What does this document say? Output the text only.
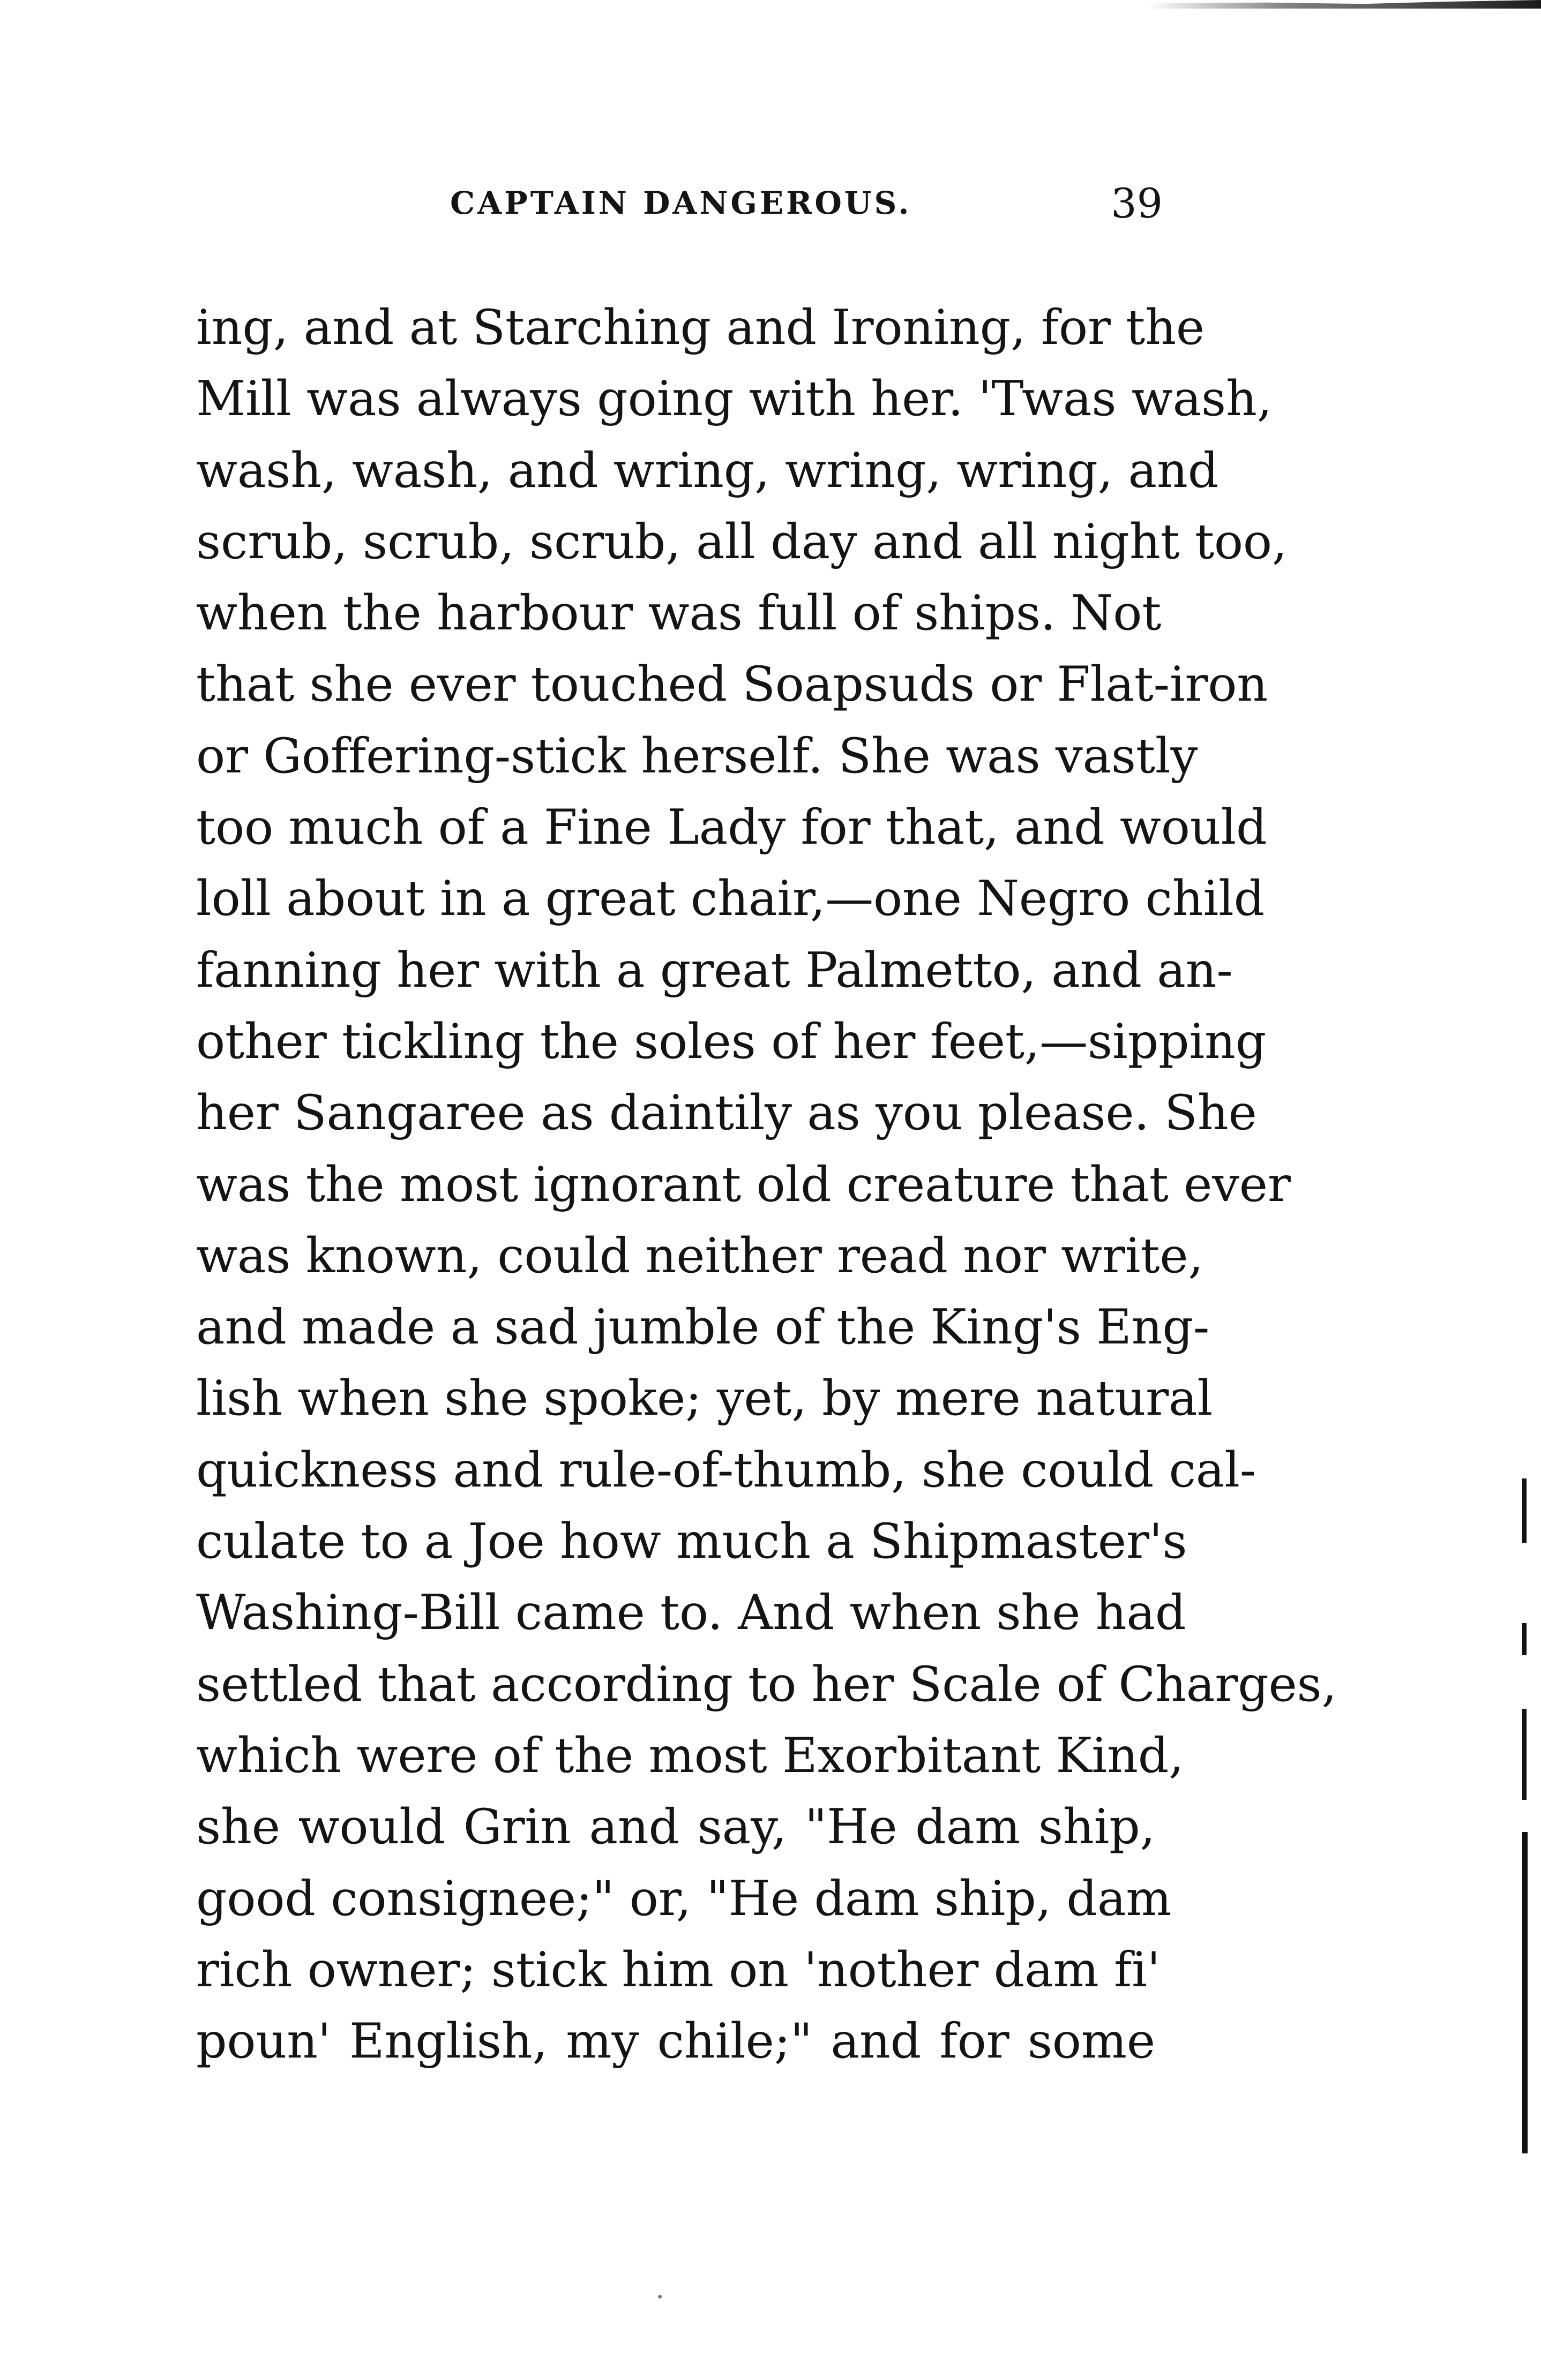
CAPTAIN DANGEROUS.	39
ing, and at Starching and Ironing, for the
Mill was always going with her. 'Twas wash,
wash, wash, and wring, wring, wring, and
scrub, scrub, scrub, all day and all night too,
when the harbour was full of ships. Not
that she ever touched Soapsuds or Flat-iron
or Goffering-stick herself. She was vastly
too much of a Fine Lady for that, and would
loll about in a great chair,—one Negro child
fanning her with a great Palmetto, and an-
other tickling the soles of her feet,—sipping
her Sangaree as daintily as you please. She
was the most ignorant old creature that ever
was known, could neither read nor write,
and made a sad jumble of the King's Eng-
lish when she spoke; yet, by mere natural
quickness and rule-of-thumb, she could cal-
culate to a Joe how much a Shipmaster's
Washing-Bill came to. And when she had
settled that according to her Scale of Charges,
which were of the most Exorbitant Kind,
she would Grin and say, "He dam ship,
good consignee;" or, "He dam ship, dam
rich owner; stick him on 'nother dam fi'
poun' English, my chile;" and for some
